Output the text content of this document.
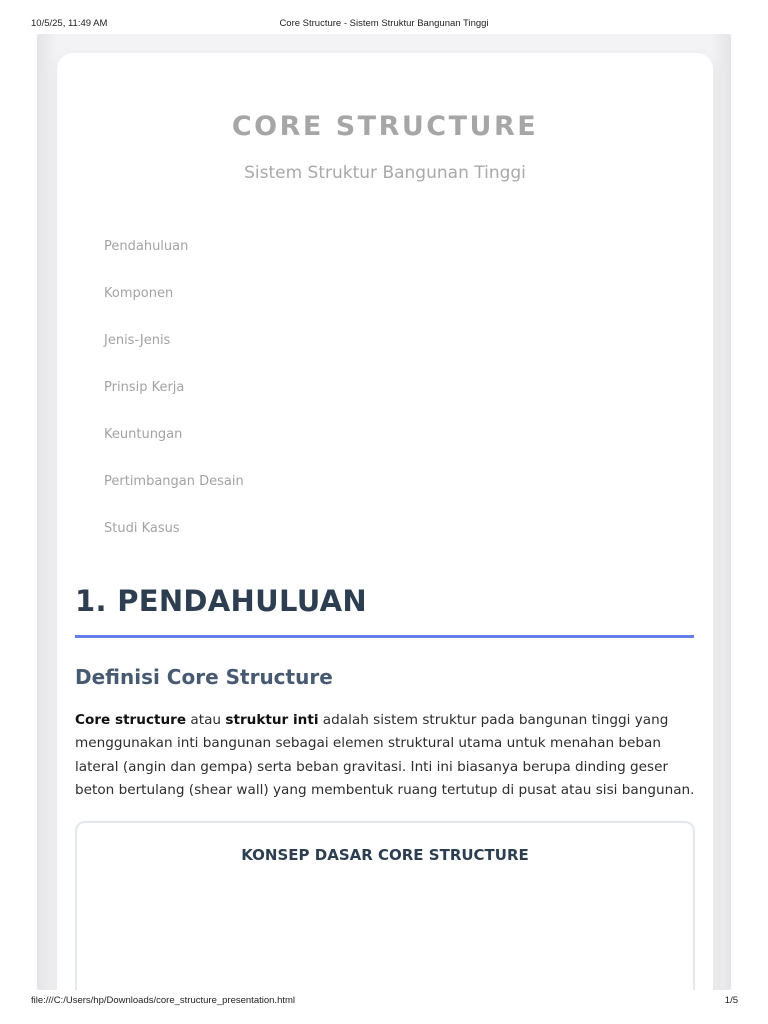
10/5/25, 11:49 AM	Core Structure - Sistem Struktur Bangunan Tinggi
CORE STRUCTURE
Sistem Struktur Bangunan Tinggi
Pendahuluan
Komponen
Jenis-Jenis
Prinsip Kerja
Keuntungan
Pertimbangan Desain
Studi Kasus
1. PENDAHULUAN
Definisi Core Structure

Core structure atau struktur inti adalah sistem struktur pada bangunan tinggi yang
menggunakan inti bangunan sebagai elemen struktural utama untuk menahan beban
lateral (angin dan gempa) serta beban gravitasi. Inti ini biasanya berupa dinding geser
beton bertulang (shear wall) yang membentuk ruang tertutup di pusat atau sisi bangunan.

KONSEP DASAR CORE STRUCTURE
file:///C:/Users/hp/Downloads/core_structure_presentation.html	1/5
